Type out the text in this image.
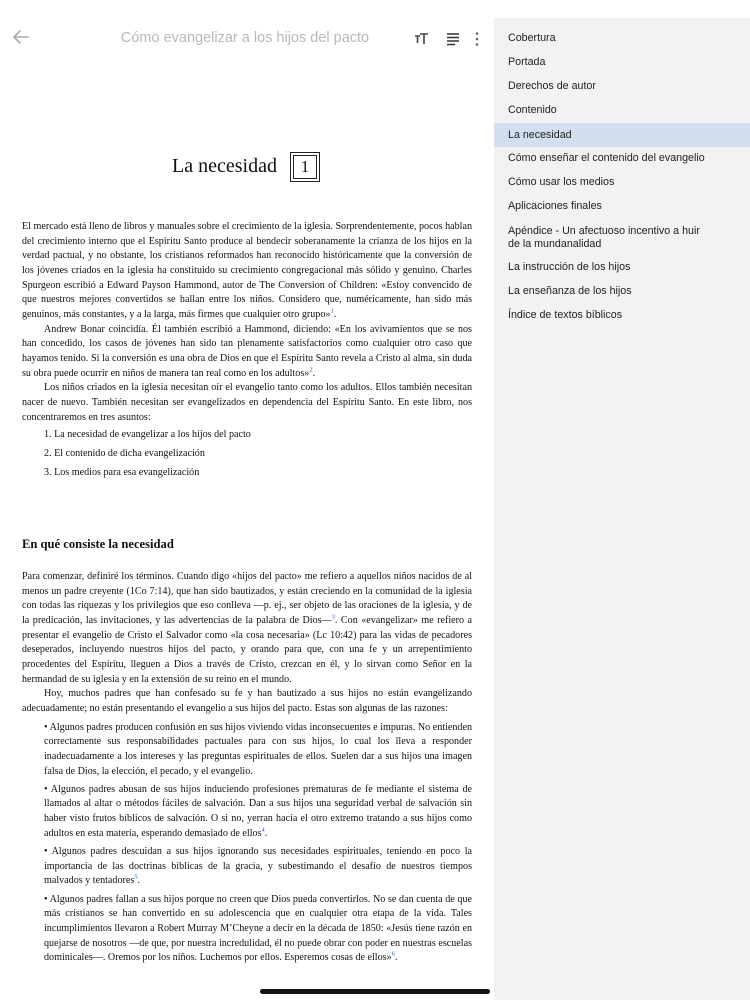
Cómo evangelizar a los hijos del pacto
La necesidad	1

El mercado está lleno de libros y manuales sobre el crecimiento de la iglesia. Sorprendentemente, pocos hablan del crecimiento interno que el Espíritu Santo produce al bendecir soberanamente la crianza de los hijos en la verdad pactual, y no obstante, los cristianos reformados han reconocido históricamente que la conversión de los jóvenes criados en la iglesia ha constituido su crecimiento congregacional más sólido y genuino. Charles Spurgeon escribió a Edward Payson Hammond, autor de The Conversion of Children: «Estoy convencido de que nuestros mejores convertidos se hallan entre los niños. Considero que, numéricamente, han sido más genuinos, más constantes, y a la larga, más firmes que cualquier otro grupo»$^1$.

Andrew Bonar coincidía. Él también escribió a Hammond, diciendo: «En los avivamientos que se nos han concedido, los casos de jóvenes han sido tan plenamente satisfactorios como cualquier otro caso que hayamos tenido. Si la conversión es una obra de Dios en que el Espíritu Santo revela a Cristo al alma, sin duda su obra puede ocurrir en niños de manera tan real como en los adultos»$^2$.

Los niños criados en la iglesia necesitan oír el evangelio tanto como los adultos. Ellos también necesitan nacer de nuevo. También necesitan ser evangelizados en dependencia del Espíritu Santo. En este libro, nos concentraremos en tres asuntos:

1. La necesidad de evangelizar a los hijos del pacto
2. El contenido de dicha evangelización
3. Los medios para esa evangelización
En qué consiste la necesidad

Para comenzar, definiré los términos. Cuando digo «hijos del pacto» me refiero a aquellos niños nacidos de al menos un padre creyente (1Co 7:14), que han sido bautizados, y están creciendo en la comunidad de la iglesia con todas las riquezas y los privilegios que eso conlleva —p. ej., ser objeto de las oraciones de la iglesia, y de la predicación, las invitaciones, y las advertencias de la palabra de Dios—$^3$. Con «evangelizar» me refiero a presentar el evangelio de Cristo el Salvador como «la cosa necesaria» (Lc 10:42) para las vidas de pecadores deseperados, incluyendo nuestros hijos del pacto, y orando para que, con una fe y un arrepentimiento procedentes del Espíritu, lleguen a Dios a través de Cristo, crezcan en él, y lo sirvan como Señor en la hermandad de su iglesia y en la extensión de su reino en el mundo.

Hoy, muchos padres que han confesado su fe y han bautizado a sus hijos no están evangelizando adecuadamente; no están presentando el evangelio a sus hijos del pacto. Estas son algunas de las razones:

• Algunos padres producen confusión en sus hijos viviendo vidas inconsecuentes e impuras. No entienden correctamente sus responsabilidades pactuales para con sus hijos, lo cual los lleva a responder inadecuadamente a los intereses y las preguntas espirituales de ellos. Suelen dar a sus hijos una imagen falsa de Dios, la elección, el pecado, y el evangelio.

• Algunos padres abusan de sus hijos induciendo profesiones prematuras de fe mediante el sistema de llamados al altar o métodos fáciles de salvación. Dan a sus hijos una seguridad verbal de salvación sin haber visto frutos bíblicos de salvación. O si no, yerran hacia el otro extremo tratando a sus hijos como adultos en esta materia, esperando demasiado de ellos$^4$.

• Algunos padres descuidan a sus hijos ignorando sus necesidades espirituales, teniendo en poco la importancia de las doctrinas bíblicas de la gracia, y subestimando el desafío de nuestros tiempos malvados y tentadores$^5$.

• Algunos padres fallan a sus hijos porque no creen que Dios pueda convertirlos. No se dan cuenta de que más cristianos se han convertido en su adolescencia que en cualquier otra etapa de la vida. Tales incumplimientos llevaron a Robert Murray M’Cheyne a decir en la década de 1850: «Jesús tiene razón en quejarse de nosotros —de que, por nuestra incredulidad, él no puede obrar con poder en nuestras escuelas dominicales—. Oremos por los niños. Luchemos por ellos. Esperemos cosas de ellos»$^6$.

Cobertura
Portada
Derechos de autor
Contenido
La necesidad
Cómo enseñar el contenido del evangelio
Cómo usar los medios
Aplicaciones finales
Apéndice - Un afectuoso incentivo a huir de la mundanalidad
La instrucción de los hijos
La enseñanza de los hijos
Índice de textos bíblicos
